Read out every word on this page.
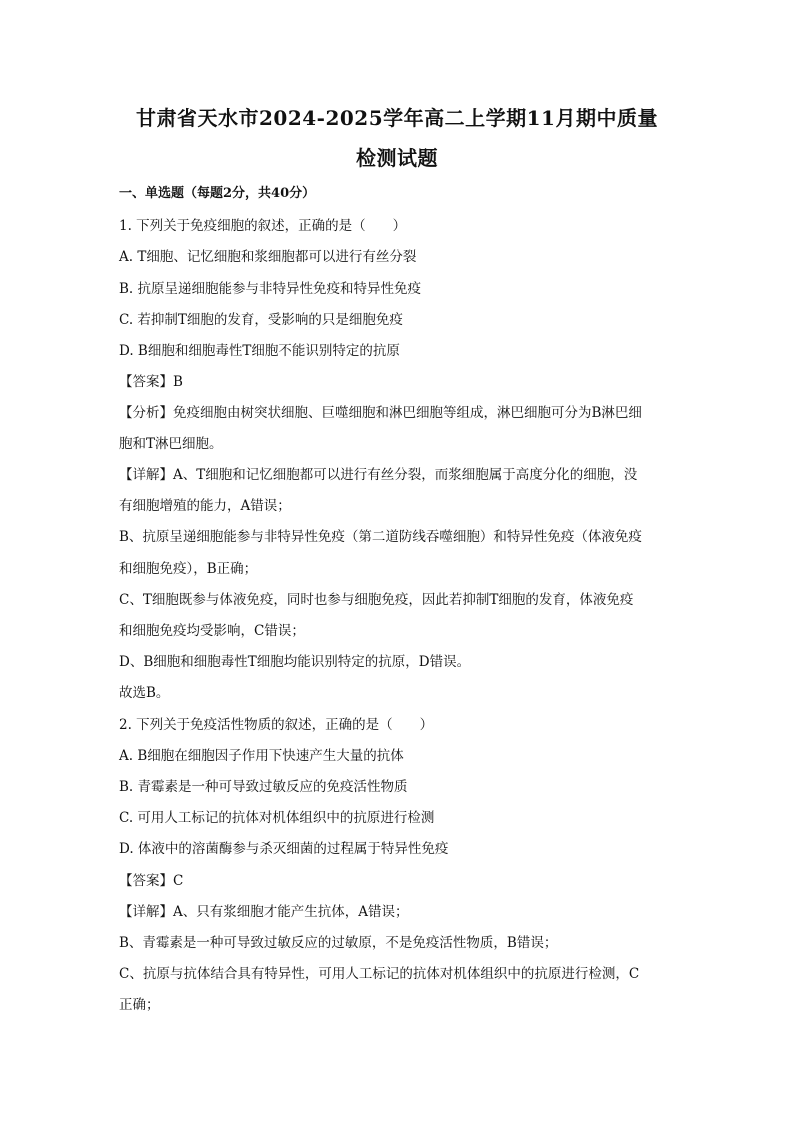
甘肃省天水市2024-2025学年高二上学期11月期中质量
检测试题
一、单选题（每题2分，共40分）
1. 下列关于免疫细胞的叙述，正确的是（　　）
A. T细胞、记忆细胞和浆细胞都可以进行有丝分裂
B. 抗原呈递细胞能参与非特异性免疫和特异性免疫
C. 若抑制T细胞的发育，受影响的只是细胞免疫
D. B细胞和细胞毒性T细胞不能识别特定的抗原
【答案】B
【分析】免疫细胞由树突状细胞、巨噬细胞和淋巴细胞等组成，淋巴细胞可分为B淋巴细
胞和T淋巴细胞。
【详解】A、T细胞和记忆细胞都可以进行有丝分裂，而浆细胞属于高度分化的细胞，没
有细胞增殖的能力，A错误；
B、抗原呈递细胞能参与非特异性免疫（第二道防线吞噬细胞）和特异性免疫（体液免疫
和细胞免疫），B正确；
C、T细胞既参与体液免疫，同时也参与细胞免疫，因此若抑制T细胞的发育，体液免疫
和细胞免疫均受影响，C错误；
D、B细胞和细胞毒性T细胞均能识别特定的抗原，D错误。
故选B。
2. 下列关于免疫活性物质的叙述，正确的是（　　）
A. B细胞在细胞因子作用下快速产生大量的抗体
B. 青霉素是一种可导致过敏反应的免疫活性物质
C. 可用人工标记的抗体对机体组织中的抗原进行检测
D. 体液中的溶菌酶参与杀灭细菌的过程属于特异性免疫
【答案】C
【详解】A、只有浆细胞才能产生抗体，A错误；
B、青霉素是一种可导致过敏反应的过敏原，不是免疫活性物质，B错误；
C、抗原与抗体结合具有特异性，可用人工标记的抗体对机体组织中的抗原进行检测，C
正确；
